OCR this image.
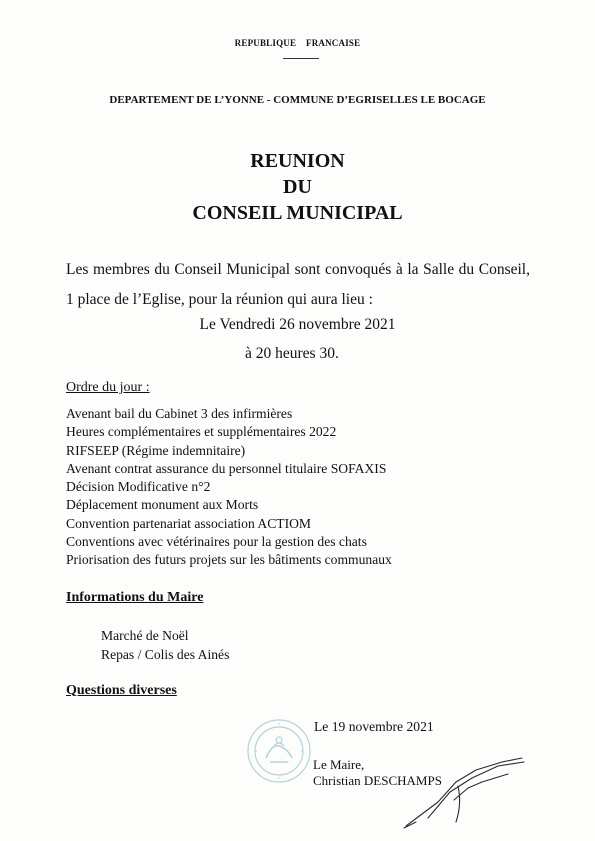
REPUBLIQUE FRANCAISE
DEPARTEMENT DE L’YONNE - COMMUNE D’EGRISELLES LE BOCAGE
REUNION
DU
CONSEIL MUNICIPAL
Les membres du Conseil Municipal sont convoqués à la Salle du Conseil, 1 place de l’Eglise, pour la réunion qui aura lieu :
Le Vendredi 26 novembre 2021
à 20 heures 30.
Ordre du jour :
Avenant bail du Cabinet 3 des infirmières
Heures complémentaires et supplémentaires 2022
RIFSEEP (Régime indemnitaire)
Avenant contrat assurance du personnel titulaire SOFAXIS
Décision Modificative n°2
Déplacement monument aux Morts
Convention partenariat association ACTIOM
Conventions avec vétérinaires pour la gestion des chats
Priorisation des futurs projets sur les bâtiments communaux
Informations du Maire
Marché de Noël
Repas / Colis des Ainés
Questions diverses
Le 19 novembre 2021
Le Maire,
Christian DESCHAMPS
